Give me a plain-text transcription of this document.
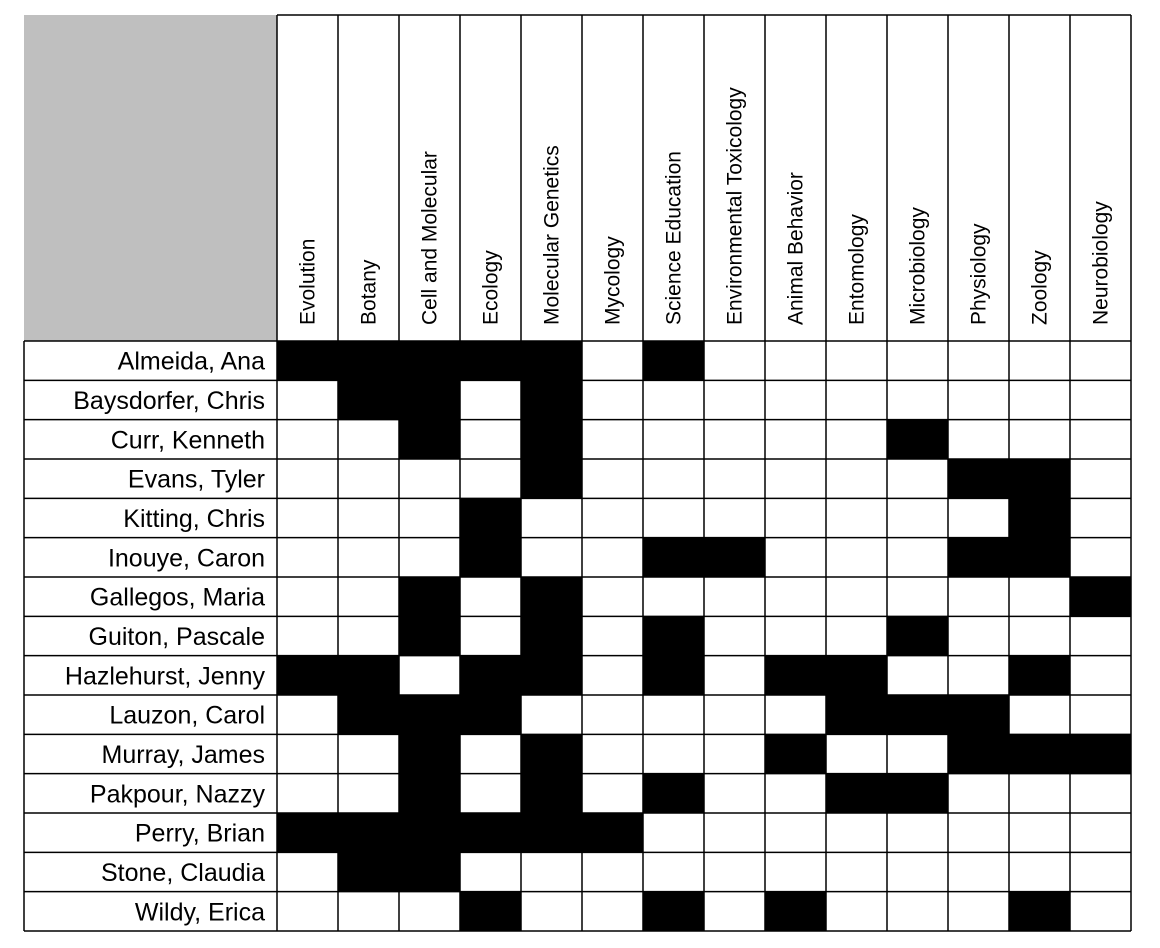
Evolution Botany Cell and Molecular Ecology Molecular Genetics Mycology Science Education Environmental Toxicology Animal Behavior Entomology Microbiology Physiology Zoology Neurobiology
Almeida, Ana
Baysdorfer, Chris
Curr, Kenneth
Evans, Tyler
Kitting, Chris
Inouye, Caron
Gallegos, Maria
Guiton, Pascale
Hazlehurst, Jenny
Lauzon, Carol
Murray, James
Pakpour, Nazzy
Perry, Brian
Stone, Claudia
Wildy, Erica
